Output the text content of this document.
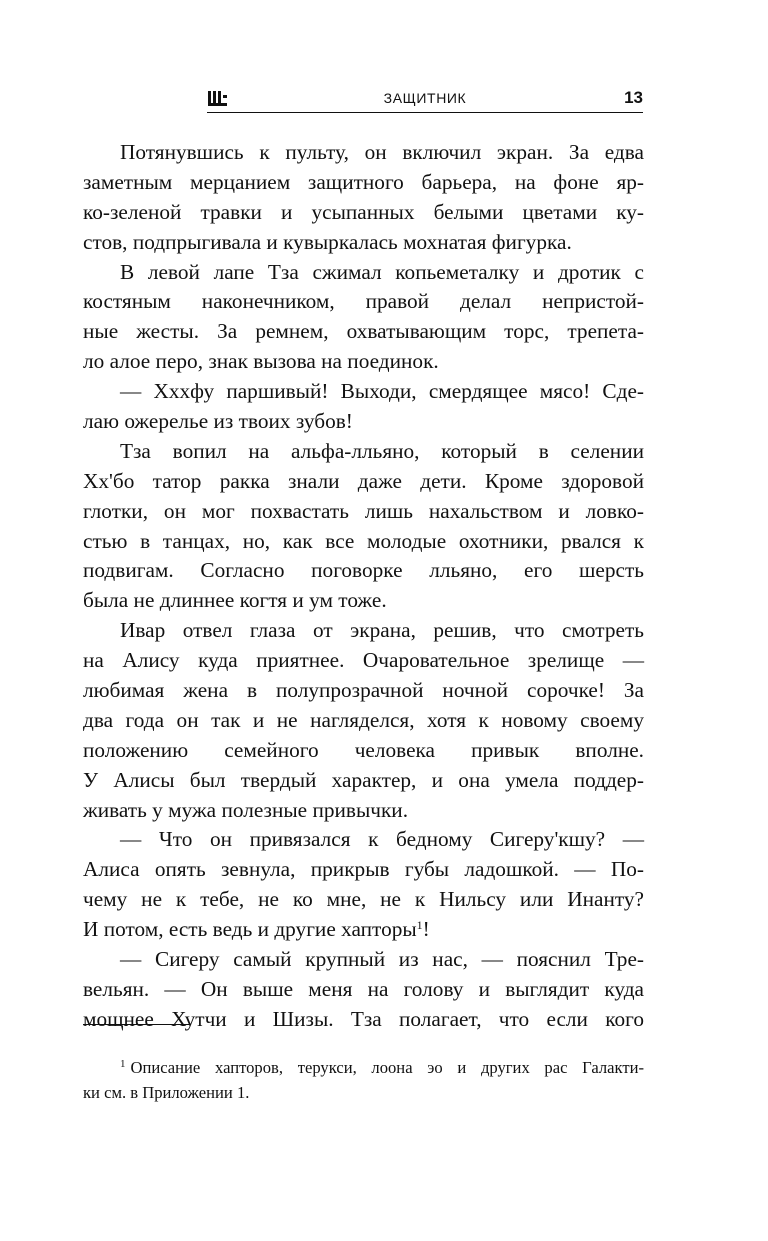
ЗАЩИТНИК	13
Потянувшись к пульту, он включил экран. За едва
заметным мерцанием защитного барьера, на фоне яр-
ко-зеленой травки и усыпанных белыми цветами ку-
стов, подпрыгивала и кувыркалась мохнатая фигурка.
В левой лапе Тза сжимал копьеметалку и дротик с
костяным наконечником, правой делал непристой-
ные жесты. За ремнем, охватывающим торс, трепета-
ло алое перо, знак вызова на поединок.
— Ххxфу паршивый! Выходи, смердящее мясо! Сде-
лаю ожерелье из твоих зубов!
Тза вопил на альфа-лльяно, который в селении
Хх'бо татор ракка знали даже дети. Кроме здоровой
глотки, он мог похвастать лишь нахальством и ловко-
стью в танцах, но, как все молодые охотники, рвался к
подвигам. Согласно поговорке лльяно, его шерсть
была не длиннее когтя и ум тоже.
Ивар отвел глаза от экрана, решив, что смотреть
на Алису куда приятнее. Очаровательное зрелище —
любимая жена в полупрозрачной ночной сорочке! За
два года он так и не нагляделся, хотя к новому своему
положению семейного человека привык вполне.
У Алисы был твердый характер, и она умела поддер-
живать у мужа полезные привычки.
— Что он привязался к бедному Сигеру'кшу? —
Алиса опять зевнула, прикрыв губы ладошкой. — По-
чему не к тебе, не ко мне, не к Нильсу или Инанту?
И потом, есть ведь и другие хапторы$^1$!
— Сигеру самый крупный из нас, — пояснил Тре-
вельян. — Он выше меня на голову и выглядит куда
мощнее Хутчи и Шизы. Тза полагает, что если кого
$^1$ Описание хапторов, терукси, лоона эо и других рас Галакти-
ки см. в Приложении 1.
